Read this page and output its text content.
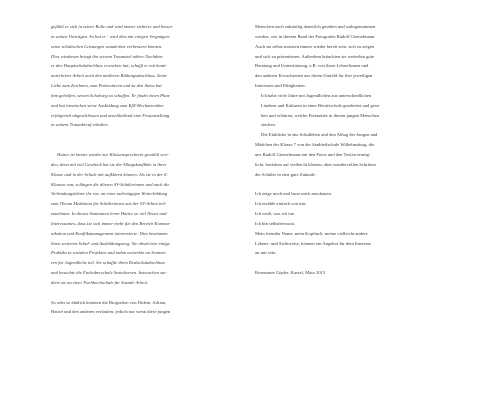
gefühlt er sich in seiner Rolle und wird immer sicherer und besser
in seinen Vorträgen. So hat er - wird dies mit einigen Vergnügen-
seine schulischen Leistungen wunderbar verbessern können.
Dies wiederum bringt ihn seinem Traumziel näher. Nachdem
er den Hauptschulabschluss erworben hat, schafft er mit konti-
nuierlicher Arbeit auch den mittleren Bildungsabschluss. Seine
Liebe zum Zeichnen, zum Präsentieren und zu den Autos hat
ihm geholfen, seinen Schulweg zu schaffen. Er findet einen Platz
und hat inzwischen seine Ausbildung zum KfZ-Mechatroniker
erfolgreich abgeschlossen und anschließend eine Festanstellung
in seinem Traumberuf erhalten.
Hatice ist immer wieder zur Klassensprecherin gewählt wor-
den, denn mit viel Geschick hat sie die Alltagskonflikte in ihrer
Klasse und in der Schule mit aufklären können. Als sie in der 8.
Klassen war, schlugen die älteren SV-Schülerinnen und auch die
Verbindungslehrer ihr vor, an einer mehrtägigen Weiterbildung
zum Thema Mediation für Schülerinnen aus der SV-Arbeit teil-
zunehmen. In diesen Seminaren lerne Hatice so viel Neues und
Interessantes, dass sie sich immer mehr für den Bereich Kommu-
nikation und Konfliktmanagement interessierte. Dies bestimmte
ihren weiteren Schul- und Ausbildungsweg. Sie absolviere einige
Praktika in sozialen Projekten und nahm weiterhin an Semina-
ren für Jugendliche teil. Sie schaffte ihren Realschulabschluss
und besuchte die Fachoberschule Sozialwesen. Inzwischen stu-
diert sie an einer Fachhochschule für Soziale Arbeit.
So oder so ähnlich könnten die Biografien von Didem, Adrian,
Hatice und den anderen verlaufen; jedoch nur wenn diese jungen
Menschen auch zukünftig dauerlich gesehen und wahrgenommen
werden, wie in diesem Band der Fotografen Rudolf Giemelmann.
Auch sie selbst müssten immer wieder bereit sein, sich zu zeigen
und sich zu präsentieren. Außerdem bräuchten sie weiterhin gute
Beratung und Unterstützung, z.B. von ihren Lehrerlinnen und
den anderen Erwachsenen aus ihrem Umfeld für ihre jeweiligen
Interessen und Fähigkeiten.
Ich habe viele Jahre mit Jugendlichen aus unterschiedlichen
Ländern und Kulturen in einer Berufsschule gearbeitet und gese-
hen und erfahren, welche Potenziale in diesen jungen Menschen
stecken.
Die Einblicke in das Schulleben und den Alltag der Jungen und
Mädchen der Klasse 7 von der Stadtteilschule Wilhelmsburg, die
uns Rudolf Giemelmann mit den Fotos und den Texten ermög-
licht, beziehen auf vielleicht kleinen, aber wandervollen Schritten
der Schüler in eine gute Zukunft:
Ich zeige mich und lasse mich anschauen.
Ich erzähle einfach von mir.
Ich weiß, was ich tue.
Ich bin selbstbewusst.
Mein fremder Name, mein Kopftuch, meine vielleicht andere
Lebens- und Sichtweise, können ein Angebot für dein Interesse
an mir sein.
Rosemarie Göpler, Kassel, März 2013
